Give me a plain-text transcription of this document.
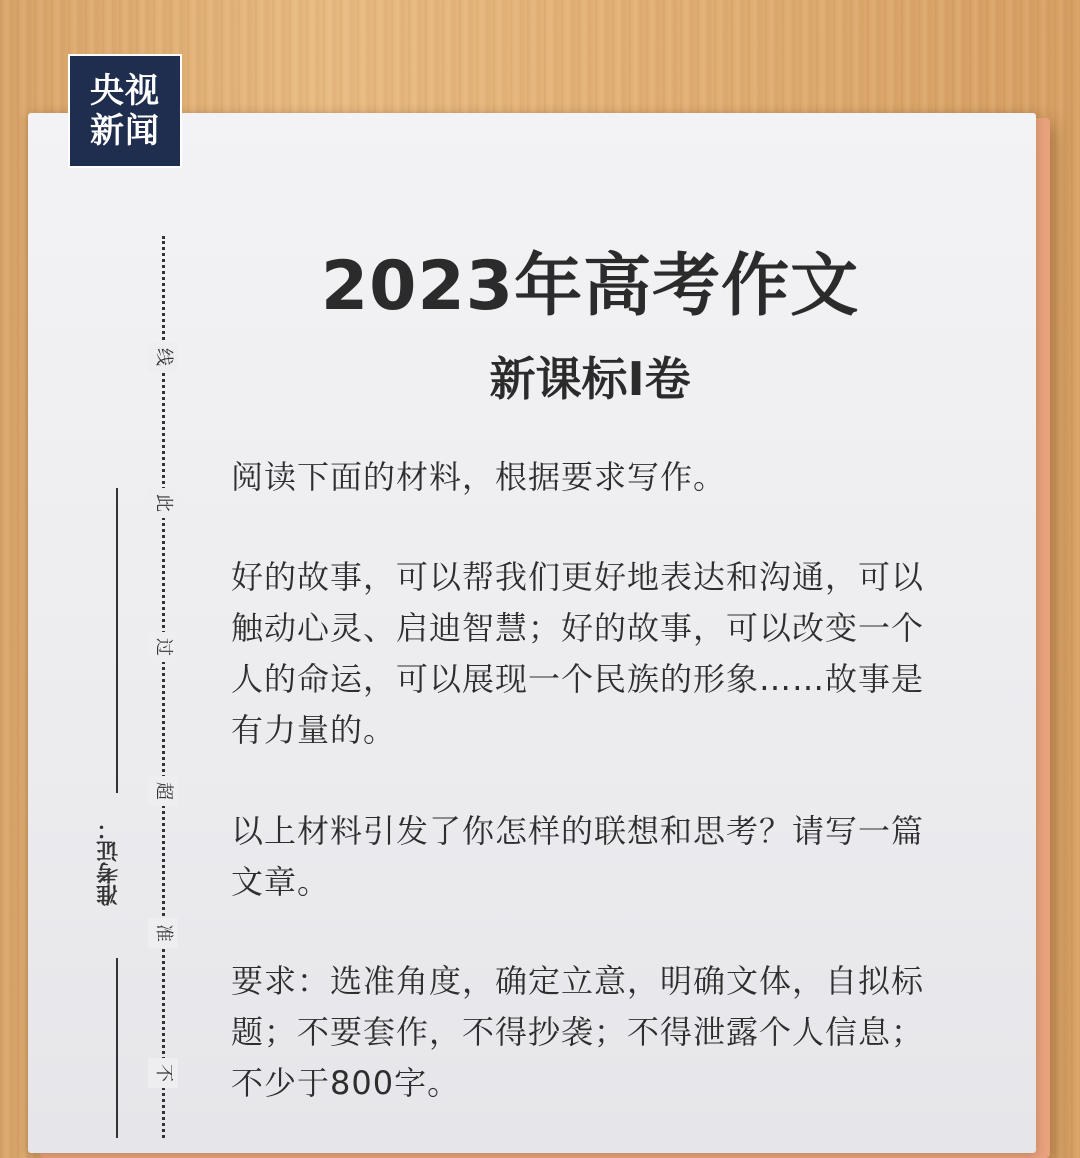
央视
新闻
线
此
过
超
准
不
准考证：
2023年高考作文
新课标I卷

阅读下面的材料，根据要求写作。

好的故事，可以帮我们更好地表达和沟通，可以触动心灵、启迪智慧；好的故事，可以改变一个人的命运，可以展现一个民族的形象……故事是有力量的。

以上材料引发了你怎样的联想和思考？请写一篇文章。

要求：选准角度，确定立意，明确文体，自拟标题；不要套作，不得抄袭；不得泄露个人信息；不少于800字。
